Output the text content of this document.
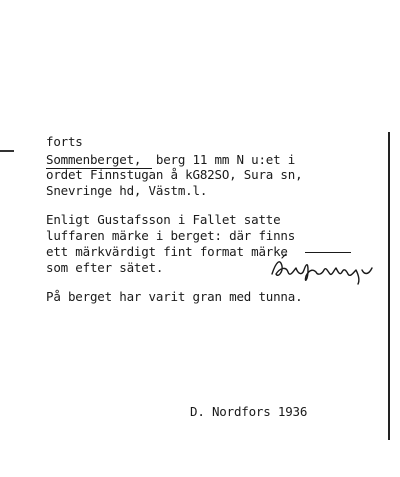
forts
Sommenberget,  berg 11 mm N u:et i
ordet Finnstugan å kG82SO, Sura sn,
Snevringe hd, Västm.l.
Enligt Gustafsson i Fallet satte
luffaren märke i berget: där finns
ett märkvärdigt fint format märke
som efter sätet.
På berget har varit gran med tunna.
D. Nordfors 1936
